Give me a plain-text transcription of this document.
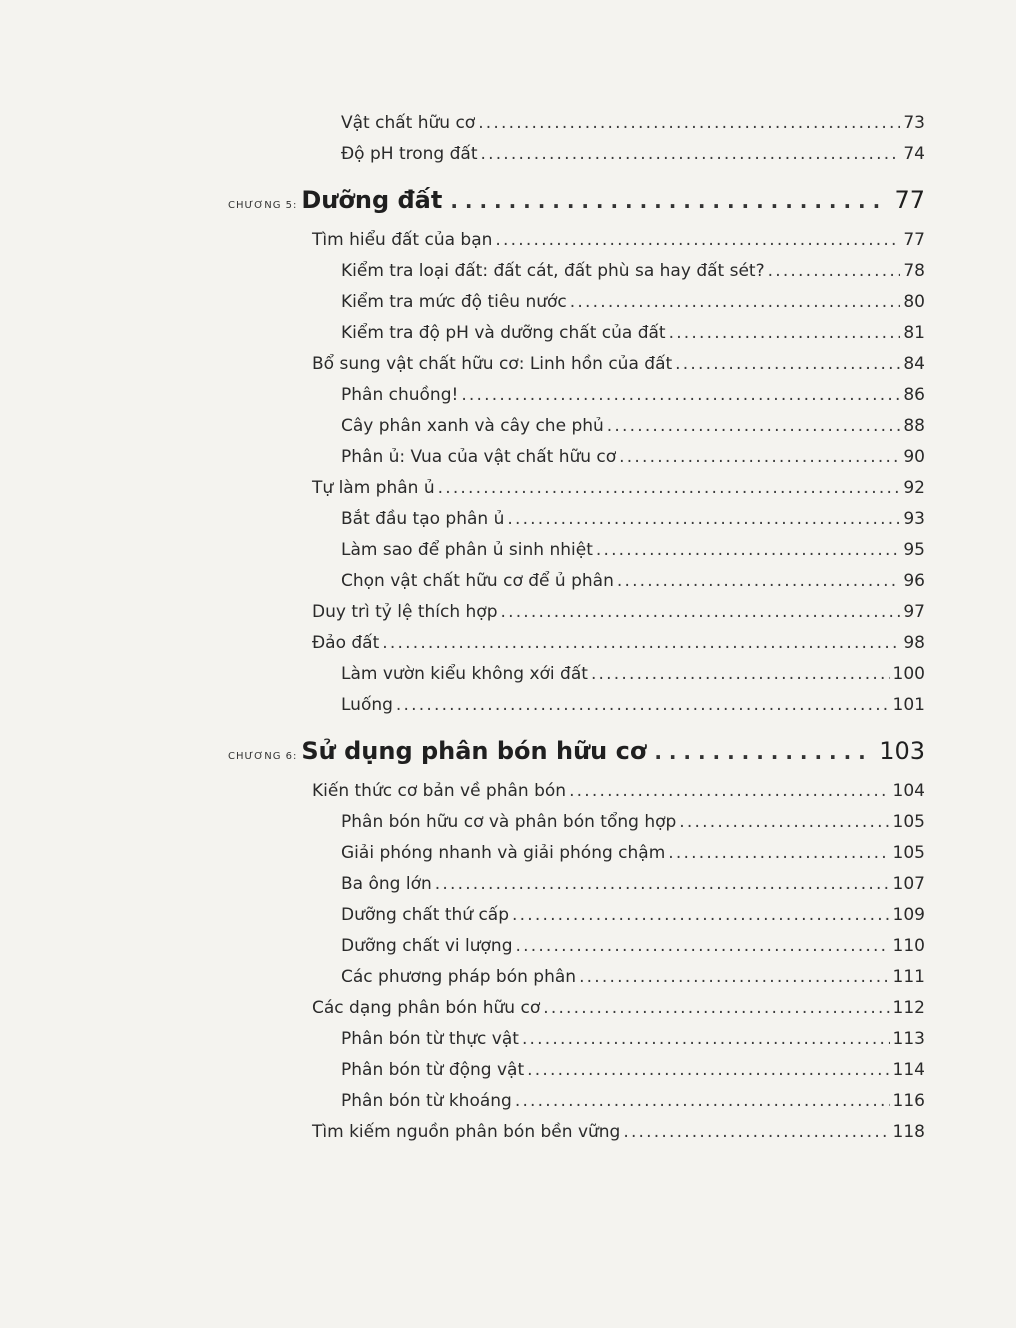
Vật chất hữu cơ . . .	73
Độ pH trong đất . . .	74
CHƯƠNG 5: Dưỡng đất . . .	77
Tìm hiểu đất của bạn . . .	77
Kiểm tra loại đất: đất cát, đất phù sa hay đất sét? . . .	78
Kiểm tra mức độ tiêu nước . . .	80
Kiểm tra độ pH và dưỡng chất của đất . . .	81
Bổ sung vật chất hữu cơ: Linh hồn của đất . . .	84
Phân chuồng! . . .	86
Cây phân xanh và cây che phủ . . .	88
Phân ủ: Vua của vật chất hữu cơ . . .	90
Tự làm phân ủ . . .	92
Bắt đầu tạo phân ủ . . .	93
Làm sao để phân ủ sinh nhiệt . . .	95
Chọn vật chất hữu cơ để ủ phân . . .	96
Duy trì tỷ lệ thích hợp . . .	97
Đảo đất . . .	98
Làm vườn kiểu không xới đất . . .	100
Luống . . .	101
CHƯƠNG 6: Sử dụng phân bón hữu cơ . . .	103
Kiến thức cơ bản về phân bón . . .	104
Phân bón hữu cơ và phân bón tổng hợp . . .	105
Giải phóng nhanh và giải phóng chậm . . .	105
Ba ông lớn . . .	107
Dưỡng chất thứ cấp . . .	109
Dưỡng chất vi lượng . . .	110
Các phương pháp bón phân . . .	111
Các dạng phân bón hữu cơ . . .	112
Phân bón từ thực vật . . .	113
Phân bón từ động vật . . .	114
Phân bón từ khoáng . . .	116
Tìm kiếm nguồn phân bón bền vững . . .	118
